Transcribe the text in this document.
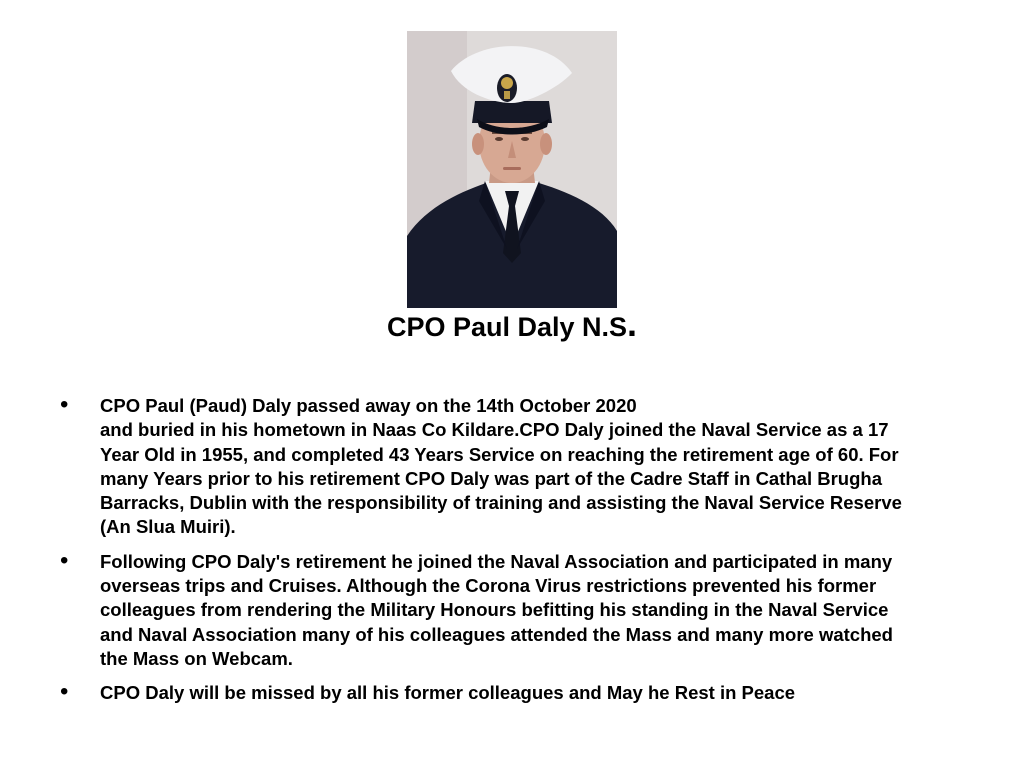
CPO Paul Daly N.S.
• CPO Paul (Paud) Daly passed away on the 14th October 2020
and buried in his hometown in Naas Co Kildare.CPO Daly joined the Naval Service as a 17
Year Old in 1955, and completed 43 Years Service on reaching the retirement age of 60. For
many Years prior to his retirement CPO Daly was part of the Cadre Staff in Cathal Brugha
Barracks, Dublin with the responsibility of training and assisting the Naval Service Reserve
(An Slua Muiri).
• Following CPO Daly's retirement he joined the Naval Association and participated in many
overseas trips and Cruises. Although the Corona Virus restrictions prevented his former
colleagues from rendering the Military Honours befitting his standing in the Naval Service
and Naval Association many of his colleagues attended the Mass and many more watched
the Mass on Webcam.
• CPO Daly will be missed by all his former colleagues and May he Rest in Peace
